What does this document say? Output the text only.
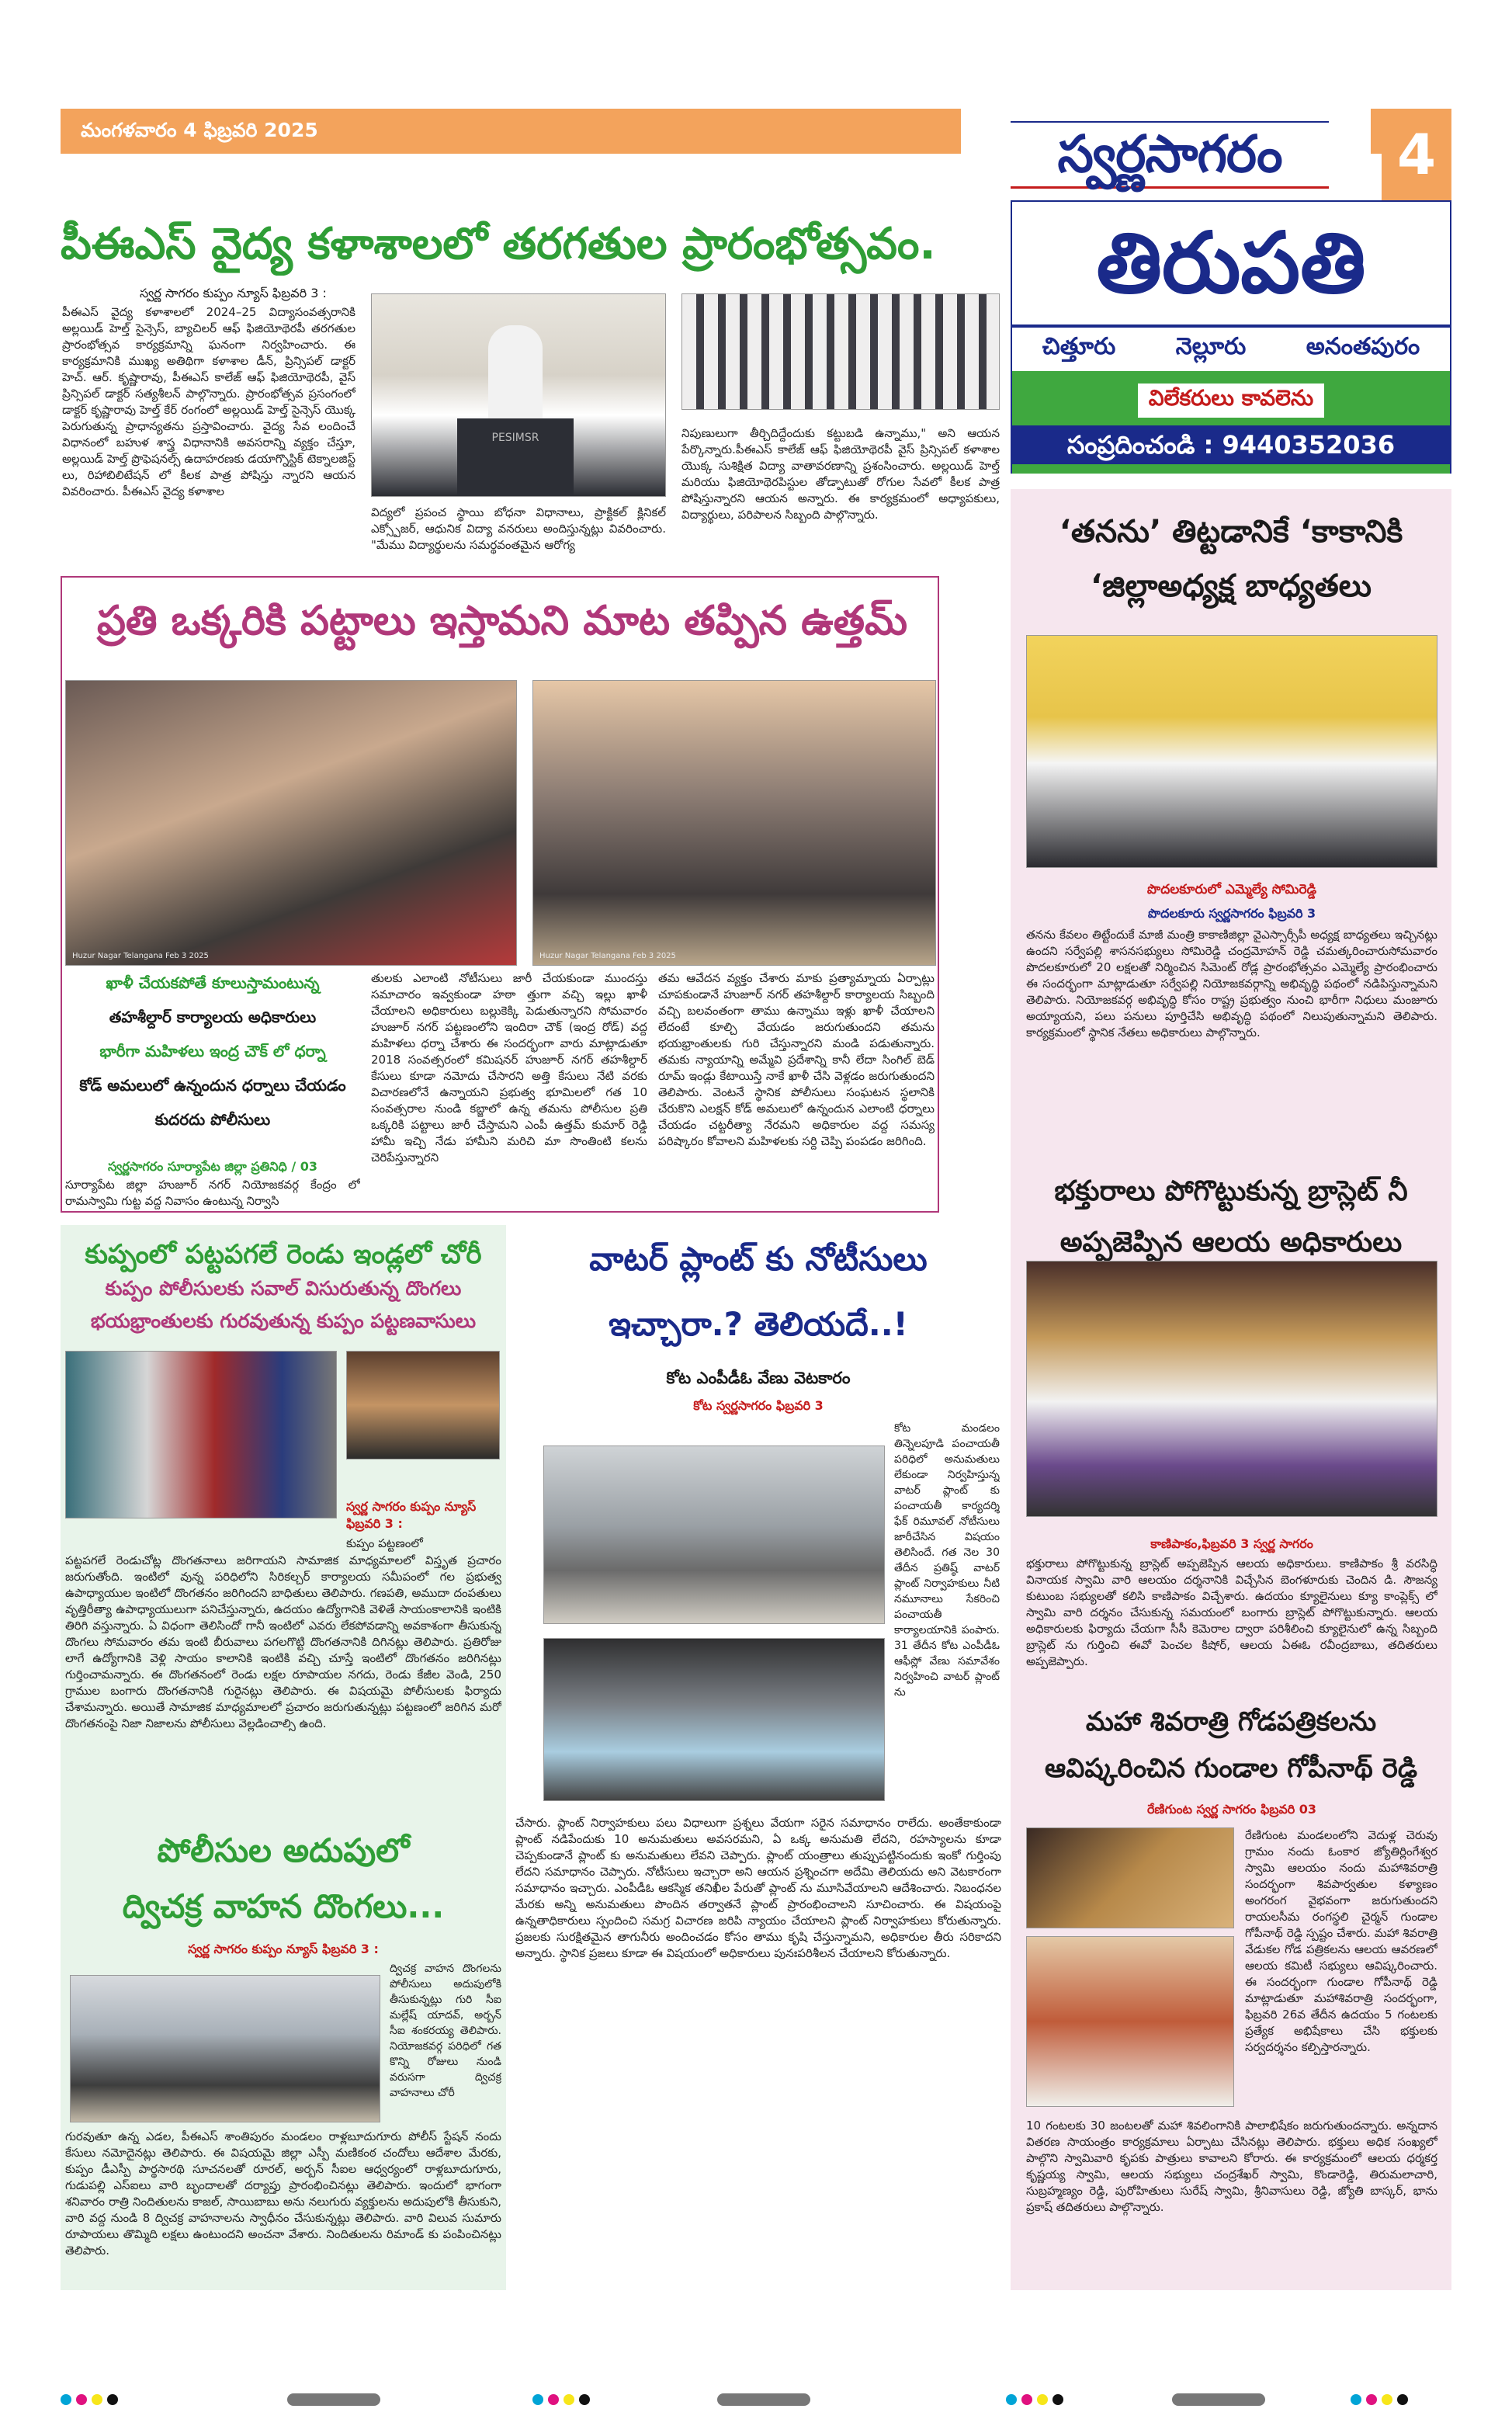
మంగళవారం 4 ఫిబ్రవరి 2025	స్వర్ణసాగరం	4
పీఈఎస్ వైద్య కళాశాలలో తరగతుల ప్రారంభోత్సవం.
స్వర్ణ సాగరం కుప్పం న్యూస్ ఫిబ్రవరి 3 :
పీఈఎస్ వైద్య కళాశాలలో 2024–25 విద్యాసంవత్సరానికి అల్లయిడ్ హెల్త్ సైన్సెస్, బ్యాచిలర్ ఆఫ్ ఫిజియోథెరపీ తరగతుల ప్రారంభోత్సవ కార్యక్రమాన్ని ఘనంగా నిర్వహించారు. ఈ కార్యక్రమానికి ముఖ్య అతిథిగా కళాశాల డీన్, ప్రిన్సిపల్ డాక్టర్ హెచ్. ఆర్. కృష్ణారావు, పీఈఎస్ కాలేజ్ ఆఫ్ ఫిజియోథెరపీ, వైస్ ప్రిన్సిపల్ డాక్టర్ సత్యశీలన్ పాల్గొన్నారు. ప్రారంభోత్సవ ప్రసంగంలో డాక్టర్ కృష్ణారావు హెల్త్ కేర్ రంగంలో అల్లయిడ్ హెల్త్ సైన్సెస్ యొక్క పెరుగుతున్న ప్రాధాన్యతను ప్రస్తావించారు. వైద్య సేవ లందించే విధానంలో బహుళ శాస్త్ర విధానానికి అవసరాన్ని వ్యక్తం చేస్తూ, అల్లయిడ్ హెల్త్ ప్రొఫెషనల్స్ ఉదాహరణకు డయాగ్నొస్టిక్ టెక్నాలజిస్ట్ లు, రిహాబిలిటేషన్ లో కీలక పాత్ర పోషిస్తు న్నారని ఆయన వివరించారు. పీఈఎస్ వైద్య కళాశాల
PESIMSR
విద్యలో ప్రపంచ స్థాయి బోధనా విధానాలు, ప్రాక్టికల్ క్లినికల్ ఎక్స్పోజర్, ఆధునిక విద్యా వనరులు అందిస్తున్నట్లు వివరించారు. "మేము విద్యార్థులను సమర్థవంతమైన ఆరోగ్య
నిపుణులుగా తీర్చిదిద్దేందుకు కట్టుబడి ఉన్నాము," అని ఆయన పేర్కొన్నారు.పీఈఎస్ కాలేజ్ ఆఫ్ ఫిజియోథెరపీ వైస్ ప్రిన్సిపల్ కళాశాల యొక్క సుశిక్షిత విద్యా వాతావరణాన్ని ప్రశంసించారు. అల్లయిడ్ హెల్త్ మరియు ఫిజియోథెరపిస్టుల తోడ్పాటుతో రోగుల సేవలో కీలక పాత్ర పోషిస్తున్నారని ఆయన అన్నారు. ఈ కార్యక్రమంలో అధ్యాపకులు, విద్యార్థులు, పరిపాలన సిబ్బంది పాల్గొన్నారు.
తిరుపతి
చిత్తూరు	నెల్లూరు	అనంతపురం
విలేకరులు కావలెను
సంప్రదించండి : 9440352036
ప్రతి ఒక్కరికి పట్టాలు ఇస్తామని మాట తప్పిన ఉత్తమ్
Huzur Nagar Telangana Feb 3 2025	Huzur Nagar Telangana Feb 3 2025
ఖాళీ చేయకపోతే కూలుస్తామంటున్న
తహశీల్దార్ కార్యాలయ అధికారులు
భారీగా మహిళలు ఇంద్ర చౌక్ లో ధర్నా
కోడ్ అమలులో ఉన్నందున ధర్నాలు చేయడం
కుదరదు పోలీసులు
స్వర్ణసాగరం సూర్యాపేట జిల్లా ప్రతినిధి / 03
సూర్యాపేట జిల్లా హుజూర్ నగర్ నియోజకవర్గ కేంద్రం లో రామస్వామి గుట్ట వద్ద నివాసం ఉంటున్న నిర్వాసి
తులకు ఎలాంటి నోటీసులు జారీ చేయకుండా ముందస్తు సమాచారం ఇవ్వకుండా హఠా త్తుగా వచ్చి ఇల్లు ఖాళీ చేయాలని అధికారులు బల్లుకెక్కి పెడుతున్నారని సోమవారం హుజూర్ నగర్ పట్టణంలోని ఇందిరా చౌక్ (ఇంద్ర రోడ్) వద్ద మహిళలు ధర్నా చేశారు ఈ సందర్భంగా వారు మాట్లాడుతూ 2018 సంవత్సరంలో కమిషనర్ హుజూర్ నగర్ తహశీల్దార్ కేసులు కూడా నమోదు చేసారని అత్తి కేసులు నేటి వరకు విచారణలోనే ఉన్నాయని ప్రభుత్వ భూమిలలో గత 10 సంవత్సరాల నుండి కబ్జాలో ఉన్న తమను పోలీసుల ప్రతి ఒక్కరికి పట్టాలు జారీ చేస్తామని ఎంపీ ఉత్తమ్ కుమార్ రెడ్డి హామీ ఇచ్చి నేడు హామీని మరిచి మా సొంతింటి కలను చెరిపేస్తున్నారని
తమ ఆవేదన వ్యక్తం చేశారు మాకు ప్రత్యామ్నాయ ఏర్పాట్లు చూపకుండానే హుజూర్ నగర్ తహశీల్దార్ కార్యాలయ సిబ్బంది వచ్చి బలవంతంగా తాము ఉన్నాము ఇళ్లు ఖాళీ చేయాలని లేదంటే కూల్చి వేయడం జరుగుతుందని తమను భయభ్రాంతులకు గురి చేస్తున్నారని మండి పడుతున్నారు. తమకు న్యాయాన్ని అమ్మేవి ప్రదేశాన్ని కానీ లేదా సింగిల్ బెడ్ రూమ్ ఇండ్లు కేటాయిస్తే నాకే ఖాళీ చేసి వెళ్లడం జరుగుతుందని తెలిపారు. వెంటనే స్థానిక పోలీసులు సంఘటన స్థలానికి చేరుకొని ఎలక్షన్ కోడ్ అమలులో ఉన్నందున ఎలాంటి ధర్నాలు చేయడం చట్టరీత్యా నేరమని అధికారుల వద్ద సమస్య పరిష్కారం కోవాలని మహిళలకు సర్ది చెప్పి పంపడం జరిగింది.
‘తనను’ తిట్టడానికే ‘కాకానికి
‘జిల్లాఅధ్యక్ష బాధ్యతలు
పొదలకూరులో ఎమ్మెల్యే సోమిరెడ్డి
పొదలకూరు స్వర్ణసాగరం ఫిబ్రవరి 3
తనను కేవలం తిట్టేందుకే మాజీ మంత్రి కాకాణిజిల్లా వైఎస్సార్సీపీ అధ్యక్ష బాధ్యతలు ఇచ్చినట్లు ఉందని సర్వేపల్లి శాసనసభ్యులు సోమిరెడ్డి చంద్రమోహన్ రెడ్డి చమత్కరించారుసోమవారం పొదలకూరులో 20 లక్షలతో నిర్మించిన సిమెంట్ రోడ్ల ప్రారంభోత్సవం ఎమ్మెల్యే ప్రారంభించారు ఈ సందర్భంగా మాట్లాడుతూ సర్వేపల్లి నియోజకవర్గాన్ని అభివృద్ధి పథంలో నడిపిస్తున్నామని తెలిపారు. నియోజకవర్గ అభివృద్ధి కోసం రాష్ట్ర ప్రభుత్వం నుంచి భారీగా నిధులు మంజూరు అయ్యాయని, పలు పనులు పూర్తిచేసి అభివృద్ధి పథంలో నిలుపుతున్నామని తెలిపారు. కార్యక్రమంలో స్థానిక నేతలు అధికారులు పాల్గొన్నారు.
భక్తురాలు పోగొట్టుకున్న బ్రాస్లెట్ నీ
అప్పజెప్పిన ఆలయ అధికారులు
కాణిపాకం,ఫిబ్రవరి 3 స్వర్ణ సాగరం
భక్తురాలు పోగొట్టుకున్న బ్రాస్లెట్ అప్పజెప్పిన ఆలయ అధికారులు. కాణిపాకం శ్రీ వరసిద్ధి వినాయక స్వామి వారి ఆలయం దర్శనానికి విచ్చేసిన బెంగళూరుకు చెందిన డి. సౌజన్య కుటుంబ సభ్యులతో కలిసి కాణిపాకం విచ్చేశారు. ఉదయం క్యూలైనులు క్యూ కాంప్లెక్స్ లో స్వామి వారి దర్శనం చేసుకున్న సమయంలో బంగారు బ్రాస్లెట్ పోగొట్టుకున్నారు. ఆలయ అధికారులకు ఫిర్యాదు చేయగా సీసీ కెమెరాల ద్వారా పరిశీలించి క్యూలైనులో ఉన్న సిబ్బంది బ్రాస్లెట్ ను గుర్తించి ఈవో పెంచల కిషోర్, ఆలయ ఏఈఓ రవీంద్రబాబు, తదితరులు అప్పజెప్పారు.
మహా శివరాత్రి గోడపత్రికలను
ఆవిష్కరించిన గుండాల గోపీనాథ్ రెడ్డి
రేణిగుంట స్వర్ణ సాగరం ఫిబ్రవరి 03
రేణిగుంట మండలంలోని వెదుళ్ల చెరువు గ్రామం నందు ఓంకార జ్యోతిర్లింగేశ్వర స్వామి ఆలయం నందు మహాశివరాత్రి సందర్భంగా శివపార్వతుల కళ్యాణం అంగరంగ వైభవంగా జరుగుతుందని రాయలసీమ రంగస్థలి చైర్మన్ గుండాల గోపీనాథ్ రెడ్డి స్పష్టం చేశారు. మహా శివరాత్రి వేడుకల గోడ పత్రికలను ఆలయ ఆవరణలో ఆలయ కమిటీ సభ్యులు ఆవిష్కరించారు. ఈ సందర్భంగా గుండాల గోపీనాథ్ రెడ్డి మాట్లాడుతూ మహాశివరాత్రి సందర్భంగా, ఫిబ్రవరి 26వ తేదీన ఉదయం 5 గంటలకు ప్రత్యేక అభిషేకాలు చేసి భక్తులకు సర్వదర్శనం కల్పిస్తారన్నారు.
10 గంటలకు 30 జంటలతో మహా శివలింగానికి పాలాభిషేకం జరుగుతుందన్నారు. అన్నదాన వితరణ సాయంత్రం కార్యక్రమాలు ఏర్పాటు చేసినట్లు తెలిపారు. భక్తులు అధిక సంఖ్యలో పాల్గొని స్వామివారి కృపకు పాత్రులు కావాలని కోరారు. ఈ కార్యక్రమంలో ఆలయ ధర్మకర్త కృష్ణయ్య స్వామి, ఆలయ సభ్యులు చంద్రశేఖర్ స్వామి, కొండారెడ్డి, తిరుమలాచారి, సుబ్రహ్మణ్యం రెడ్డి, పురోహితులు సురేష్ స్వామి, శ్రీనివాసులు రెడ్డి, జ్యోతి బాస్కర్, భాను ప్రకాష్ తదితరులు పాల్గొన్నారు.
కుప్పంలో పట్టపగలే రెండు ఇండ్లలో చోరీ
కుప్పం పోలీసులకు సవాల్ విసురుతున్న దొంగలు
భయభ్రాంతులకు గురవుతున్న కుప్పం పట్టణవాసులు
స్వర్ణ సాగరం కుప్పం న్యూస్ ఫిబ్రవరి 3 :
కుప్పం పట్టణంలో
పట్టపగలే రెండుచోట్ల దొంగతనాలు జరిగాయని సామాజిక మాధ్యమాలలో విస్తృత ప్రచారం జరుగుతోంది. ఇంటిలో వున్న పరిధిలోని సిరికల్చర్ కార్యాలయ సమీపంలో గల ప్రభుత్వ ఉపాధ్యాయుల ఇంటిలో దొంగతనం జరిగిందని బాధితులు తెలిపారు. గణపతి, అముదా దంపతులు వృత్తిరీత్యా ఉపాధ్యాయులుగా పనిచేస్తున్నారు, ఉదయం ఉద్యోగానికి వెళితే సాయంకాలానికి ఇంటికి తిరిగి వస్తున్నారు. ఏ విధంగా తెలిసిందో గానీ ఇంటిలో ఎవరు లేకపోవడాన్ని అవకాశంగా తీసుకున్న దొంగలు సోమవారం తమ ఇంటి బీరువాలు పగలగొట్టి దొంగతనానికి దిగినట్లు తెలిపారు. ప్రతిరోజు లాగే ఉద్యోగానికి వెళ్లి సాయం కాలానికి ఇంటికి వచ్చి చూస్తే ఇంటిలో దొంగతనం జరిగినట్లు గుర్తించామన్నారు. ఈ దొంగతనంలో రెండు లక్షల రూపాయల నగదు, రెండు కేజీల వెండి, 250 గ్రాముల బంగారు దొంగతనానికి గురైనట్లు తెలిపారు. ఈ విషయమై పోలీసులకు ఫిర్యాదు చేశామన్నారు. అయితే సామాజిక మాధ్యమాలలో ప్రచారం జరుగుతున్నట్లు పట్టణంలో జరిగిన మరో దొంగతనంపై నిజా నిజాలను పోలీసులు వెల్లడించాల్సి ఉంది.
పోలీసుల అదుపులో
ద్విచక్ర వాహన దొంగలు...
స్వర్ణ సాగరం కుప్పం న్యూస్ ఫిబ్రవరి 3 :
ద్విచక్ర వాహన దొంగలను పోలీసులు అదుపులోకి తీసుకున్నట్లు గురి సీఐ మల్లేష్ యాదవ్, అర్బన్ సీఐ శంకరయ్య తెలిపారు. నియోజకవర్గ పరిధిలో గత కొన్ని రోజులు నుండి వరుసగా ద్విచక్ర వాహనాలు చోరీ
గురవుతూ ఉన్న ఎడల, పీఈఎస్ శాంతిపురం మండలం రాళ్లబూదుగూరు పోలీస్ స్టేషన్ నందు కేసులు నమోదైనట్లు తెలిపారు. ఈ విషయమై జిల్లా ఎస్పీ మణికంఠ చందోలు ఆదేశాల మేరకు, కుప్పం డీఎస్పీ పార్థసారథి సూచనలతో రూరల్, అర్బన్ సీఐల ఆధ్వర్యంలో రాళ్లబూదుగూరు, గుడుపల్లి ఎస్ఐలు వారి బృందాలతో దర్యాప్తు ప్రారంభించినట్లు తెలిపారు. ఇందులో భాగంగా శనివారం రాత్రి నిందితులను కాజల్, సాయిబాబు అను నలుగురు వ్యక్తులను అదుపులోకి తీసుకుని, వారి వద్ద నుండి 8 ద్విచక్ర వాహనాలను స్వాధీనం చేసుకున్నట్లు తెలిపారు. వారి విలువ సుమారు రూపాయలు తొమ్మిది లక్షలు ఉంటుందని అంచనా వేశారు. నిందితులను రిమాండ్ కు పంపించినట్లు తెలిపారు.
వాటర్ ప్లాంట్ కు నోటీసులు
ఇచ్చారా.? తెలియదే..!
కోట ఎంపీడీఓ వేణు వెటకారం
కోట స్వర్ణసాగరం ఫిబ్రవరి 3
కోట మండలం తిన్నెలపూడి పంచాయతీ పరిధిలో అనుమతులు లేకుండా నిర్వహిస్తున్న వాటర్ ప్లాంట్ కు పంచాయతీ కార్యదర్శి ఫేక్ రిమూవల్ నోటీసులు జారీచేసిన విషయం తెలిసిందే. గత నెల 30 తేదీన ప్రతిష్ఠ్ వాటర్ ప్లాంట్ నిర్వాహకులు నీటి నమూనాలు సేకరించి పంచాయతీ కార్యాలయానికి పంపారు. 31 తేదీన కోట ఎంపీడీఓ ఆఫీస్లో వేణు సమావేశం నిర్వహించి వాటర్ ప్లాంట్ ను
చేసారు. ప్లాంట్ నిర్వాహకులు పలు విధాలుగా ప్రశ్నలు వేయగా సరైన సమాధానం రాలేదు. అంతేకాకుండా ప్లాంట్ నడిపేందుకు 10 అనుమతులు అవసరమని, ఏ ఒక్క అనుమతి లేదని, రహస్యాలను కూడా చెప్పకుండానే ప్లాంట్ కు అనుమతులు లేవని చెప్పారు. ప్లాంట్ యంత్రాలు తుప్పుపట్టినందుకు ఇంకో గుర్తింపు లేదని సమాధానం చెప్పారు. నోటీసులు ఇచ్చారా అని ఆయన ప్రశ్నించగా అదేమి తెలియదు అని వెటకారంగా సమాధానం ఇచ్చారు. ఎంపీడీఓ ఆకస్మిక తనిఖీల పేరుతో ప్లాంట్ ను మూసివేయాలని ఆదేశించారు. నిబంధనల మేరకు అన్ని అనుమతులు పొందిన తర్వాతనే ప్లాంట్ ప్రారంభించాలని సూచించారు. ఈ విషయంపై ఉన్నతాధికారులు స్పందించి సమగ్ర విచారణ జరిపి న్యాయం చేయాలని ప్లాంట్ నిర్వాహకులు కోరుతున్నారు. ప్రజలకు సురక్షితమైన తాగునీరు అందించడం కోసం తాము కృషి చేస్తున్నామని, అధికారుల తీరు సరికాదని అన్నారు. స్థానిక ప్రజలు కూడా ఈ విషయంలో అధికారులు పునఃపరిశీలన చేయాలని కోరుతున్నారు.
